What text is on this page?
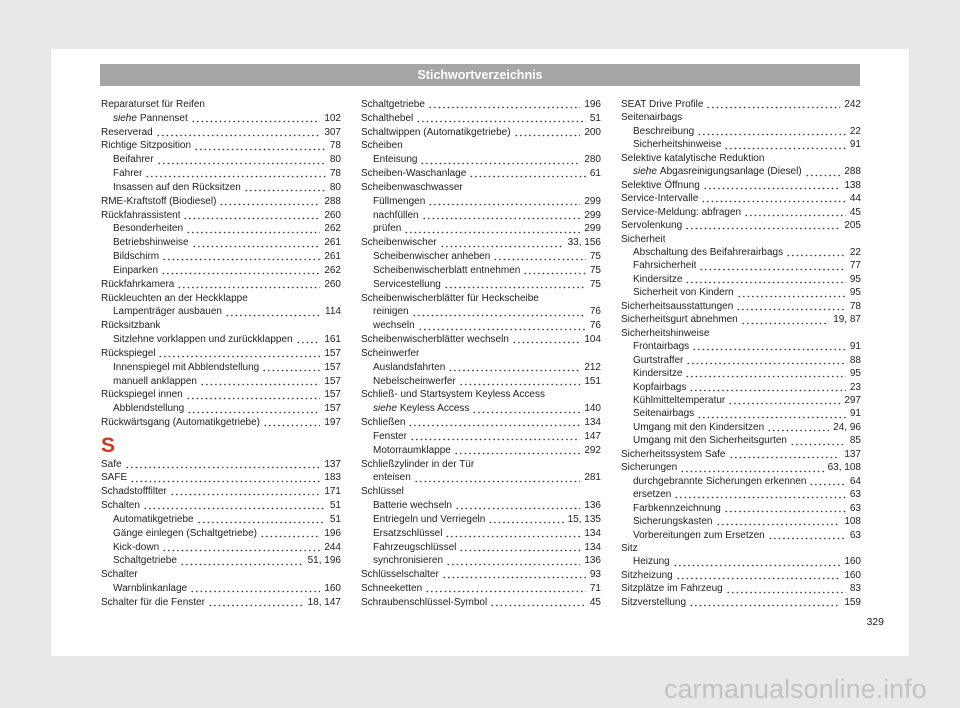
Stichwortverzeichnis
Reparaturset für Reifen
siehe Pannenset	102
Reserverad	307
Richtige Sitzposition	78
Beifahrer	80
Fahrer	78
Insassen auf den Rücksitzen	80
RME-Kraftstoff (Biodiesel)	288
Rückfahrassistent	260
Besonderheiten	262
Betriebshinweise	261
Bildschirm	261
Einparken	262
Rückfahrkamera	260
Rückleuchten an der Heckklappe
Lampenträger ausbauen	114
Rücksitzbank
Sitzlehne vorklappen und zurückklappen	161
Rückspiegel	157
Innenspiegel mit Abblendstellung	157
manuell anklappen	157
Rückspiegel innen	157
Abblendstellung	157
Rückwärtsgang (Automatikgetriebe)	197
S
Safe	137
SAFE	183
Schadstofffilter	171
Schalten	51
Automatikgetriebe	51
Gänge einlegen (Schaltgetriebe)	196
Kick-down	244
Schaltgetriebe	51, 196
Schalter
Warnblinkanlage	160
Schalter für die Fenster	18, 147
Schaltgetriebe	196
Schalthebel	51
Schaltwippen (Automatikgetriebe)	200
Scheiben
Enteisung	280
Scheiben-Waschanlage	61
Scheibenwaschwasser
Füllmengen	299
nachfüllen	299
prüfen	299
Scheibenwischer	33, 156
Scheibenwischer anheben	75
Scheibenwischerblatt entnehmen	75
Servicestellung	75
Scheibenwischerblätter für Heckscheibe
reinigen	76
wechseln	76
Scheibenwischerblätter wechseln	104
Scheinwerfer
Auslandsfahrten	212
Nebelscheinwerfer	151
Schließ- und Startsystem Keyless Access
siehe Keyless Access	140
Schließen	134
Fenster	147
Motorraumklappe	292
Schließzylinder in der Tür
enteisen	281
Schlüssel
Batterie wechseln	136
Entriegeln und Verriegeln	15, 135
Ersatzschlüssel	134
Fahrzeugschlüssel	134
synchronisieren	136
Schlüsselschalter	93
Schneeketten	71
Schraubenschlüssel-Symbol	45
SEAT Drive Profile	242
Seitenairbags
Beschreibung	22
Sicherheitshinweise	91
Selektive katalytische Reduktion
siehe Abgasreinigungsanlage (Diesel)	288
Selektive Öffnung	138
Service-Intervalle	44
Service-Meldung: abfragen	45
Servolenkung	205
Sicherheit
Abschaltung des Beifahrerairbags	22
Fahrsicherheit	77
Kindersitze	95
Sicherheit von Kindern	95
Sicherheitsausstattungen	78
Sicherheitsgurt abnehmen	19, 87
Sicherheitshinweise
Frontairbags	91
Gurtstraffer	88
Kindersitze	95
Kopfairbags	23
Kühlmitteltemperatur	297
Seitenairbags	91
Umgang mit den Kindersitzen	24, 96
Umgang mit den Sicherheitsgurten	85
Sicherheitssystem Safe	137
Sicherungen	63, 108
durchgebrannte Sicherungen erkennen	64
ersetzen	63
Farbkennzeichnung	63
Sicherungskasten	108
Vorbereitungen zum Ersetzen	63
Sitz
Heizung	160
Sitzheizung	160
Sitzplätze im Fahrzeug	83
Sitzverstellung	159
329
carmanualsonline.info
